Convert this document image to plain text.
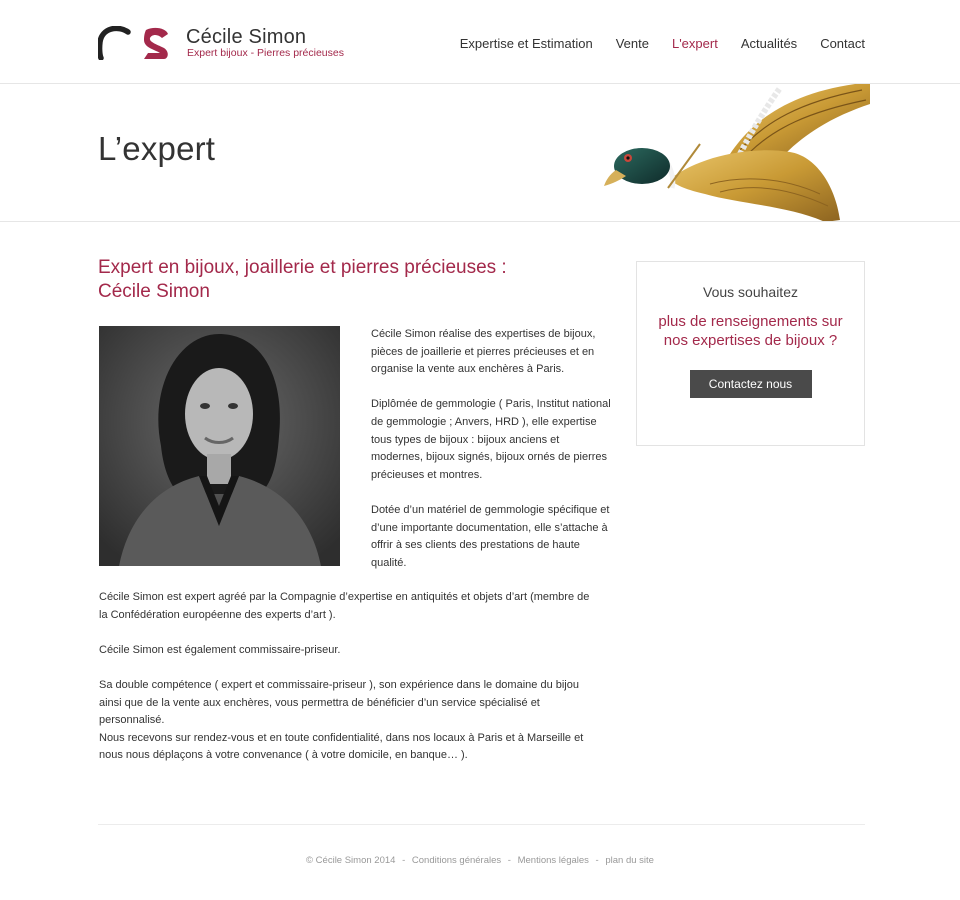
Cécile Simon
Expert bijoux - Pierres précieuses
Expertise et Estimation Vente L'expert Actualités Contact
L’expert
Expert en bijoux, joaillerie et pierres précieuses :
Cécile Simon

Cécile Simon réalise des expertises de bijoux, pièces de joaillerie et pierres précieuses et en organise la vente aux enchères à Paris.

Diplômée de gemmologie ( Paris, Institut national de gemmologie ; Anvers, HRD ), elle expertise tous types de bijoux : bijoux anciens et modernes, bijoux signés, bijoux ornés de pierres précieuses et montres.

Dotée d’un matériel de gemmologie spécifique et d’une importante documentation, elle s’attache à offrir à ses clients des prestations de haute qualité.

Cécile Simon est expert agréé par la Compagnie d’expertise en antiquités et objets d’art (membre de la Confédération européenne des experts d’art ).

Cécile Simon est également commissaire-priseur.

Sa double compétence ( expert et commissaire-priseur ), son expérience dans le domaine du bijou ainsi que de la vente aux enchères, vous permettra de bénéficier d’un service spécialisé et personnalisé.

Nous recevons sur rendez-vous et en toute confidentialité, dans nos locaux à Paris et à Marseille et nous nous déplaçons à votre convenance ( à votre domicile, en banque… ).

Vous souhaitez
plus de renseignements sur nos expertises de bijoux ?
Contactez nous
© Cécile Simon 2014 - Conditions générales - Mentions légales - plan du site
